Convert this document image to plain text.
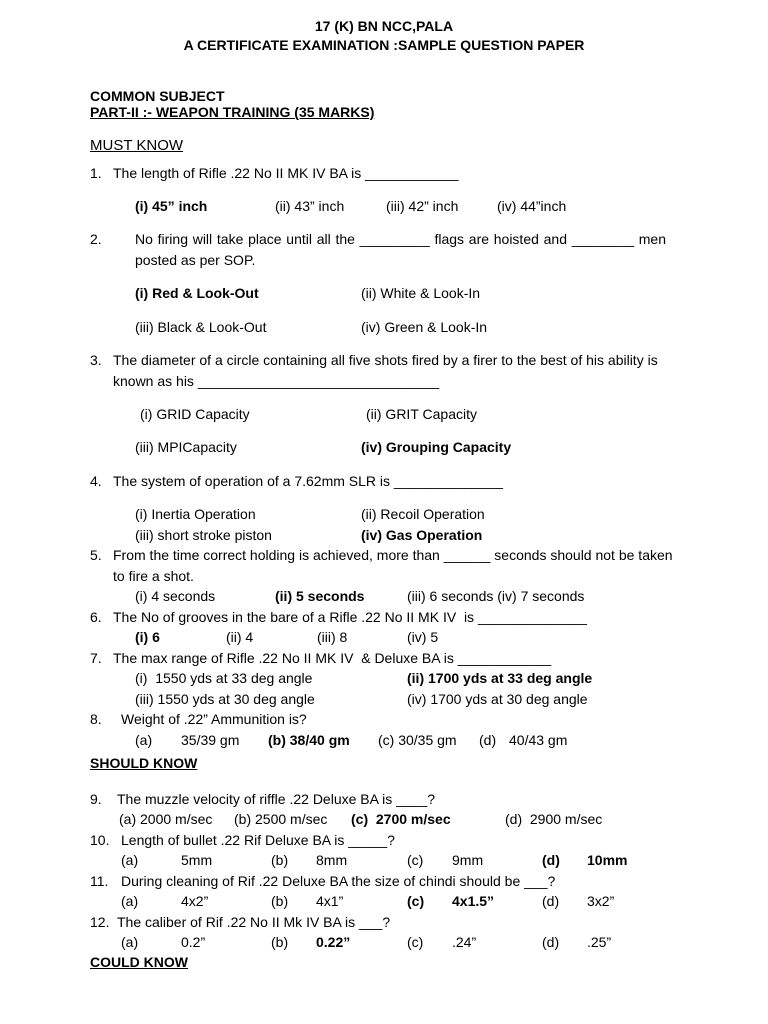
17 (K) BN NCC,PALA
A CERTIFICATE EXAMINATION :SAMPLE QUESTION PAPER
COMMON SUBJECT
PART-II :- WEAPON TRAINING (35 MARKS)
MUST KNOW
1. The length of Rifle .22 No II MK IV BA is ____________
(i) 45” inch	(ii) 43” inch	(iii) 42” inch	(iv) 44”inch
2. No firing will take place until all the _________ flags are hoisted and ________ men posted as per SOP.
(i) Red & Look-Out	(ii) White & Look-In
(iii) Black & Look-Out	(iv) Green & Look-In
3. The diameter of a circle containing all five shots fired by a firer to the best of his ability is known as his _______________________________
(i) GRID Capacity	(ii) GRIT Capacity
(iii) MPICapacity	(iv) Grouping Capacity
4. The system of operation of a 7.62mm SLR is ______________
(i) Inertia Operation	(ii) Recoil Operation
(iii) short stroke piston	(iv) Gas Operation
5. From the time correct holding is achieved, more than ______ seconds should not be taken to fire a shot.
(i) 4 seconds	(ii) 5 seconds	(iii) 6 seconds (iv) 7 seconds
6. The No of grooves in the bare of a Rifle .22 No II MK IV  is ______________
(i) 6	(ii) 4	(iii) 8	(iv) 5
7. The max range of Rifle .22 No II MK IV  & Deluxe BA is ____________
(i)  1550 yds at 33 deg angle	(ii) 1700 yds at 33 deg angle
(iii) 1550 yds at 30 deg angle	(iv) 1700 yds at 30 deg angle
8. Weight of .22” Ammunition is?
(a) 35/39 gm (b) 38/40 gm (c) 30/35 gm (d) 40/43 gm
SHOULD KNOW
9. The muzzle velocity of riffle .22 Deluxe BA is ____?
(a) 2000 m/sec (b) 2500 m/sec (c)  2700 m/sec	(d)  2900 m/sec
10. Length of bullet .22 Rif Deluxe BA is _____?
(a)	5mm	(b) 8mm	(c) 9mm	(d) 10mm
11. During cleaning of Rif .22 Deluxe BA the size of chindi should be ___?
(a)	4x2”	(b) 4x1”	(c) 4x1.5”	(d) 3x2”
12. The caliber of Rif .22 No II Mk IV BA is ___?
(a)	0.2”	(b) 0.22”	(c) .24”	(d) .25”
COULD KNOW
